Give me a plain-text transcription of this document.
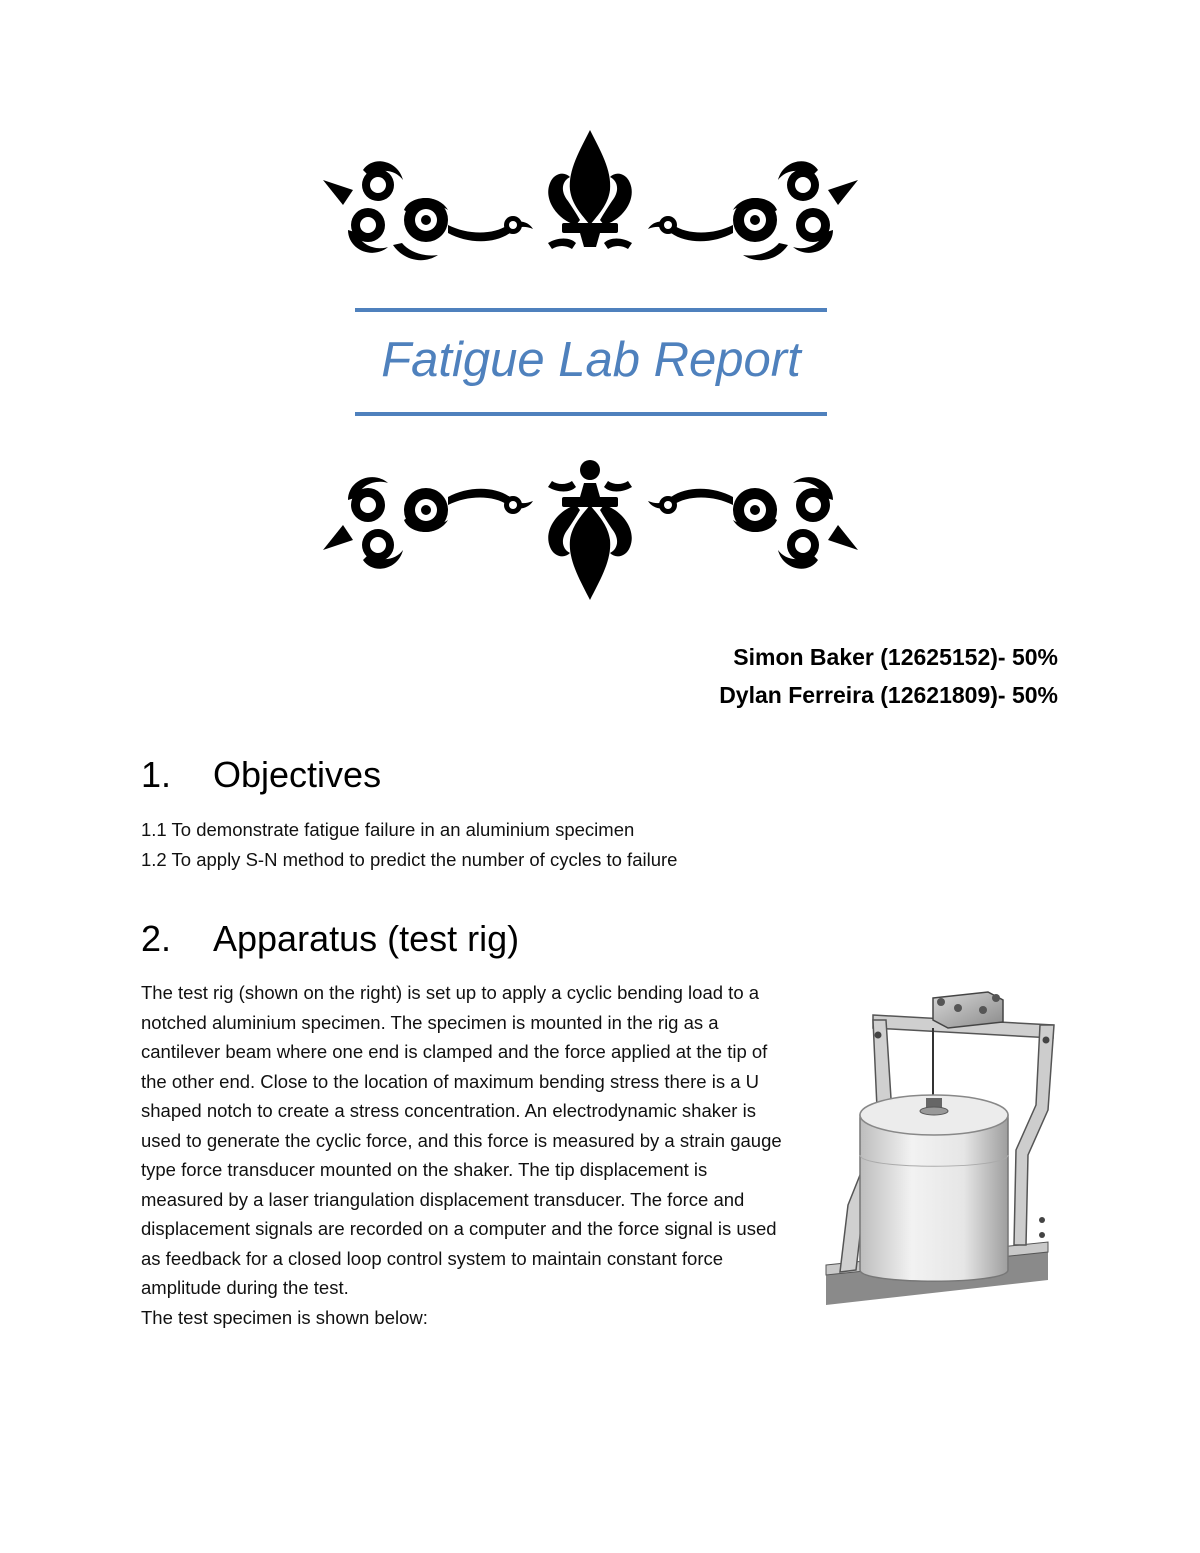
Fatigue Lab Report
Simon Baker (12625152)- 50%
Dylan Ferreira (12621809)- 50%
1. Objectives
1.1 To demonstrate fatigue failure in an aluminium specimen
1.2 To apply S-N method to predict the number of cycles to failure
2. Apparatus (test rig)

The test rig (shown on the right) is set up to apply a cyclic bending load to a notched aluminium specimen. The specimen is mounted in the rig as a cantilever beam where one end is clamped and the force applied at the tip of the other end. Close to the location of maximum bending stress there is a U shaped notch to create a stress concentration. An electrodynamic shaker is used to generate the cyclic force, and this force is measured by a strain gauge type force transducer mounted on the shaker. The tip displacement is measured by a laser triangulation displacement transducer. The force and displacement signals are recorded on a computer and the force signal is used as feedback for a closed loop control system to maintain constant force amplitude during the test.

The test specimen is shown below:
